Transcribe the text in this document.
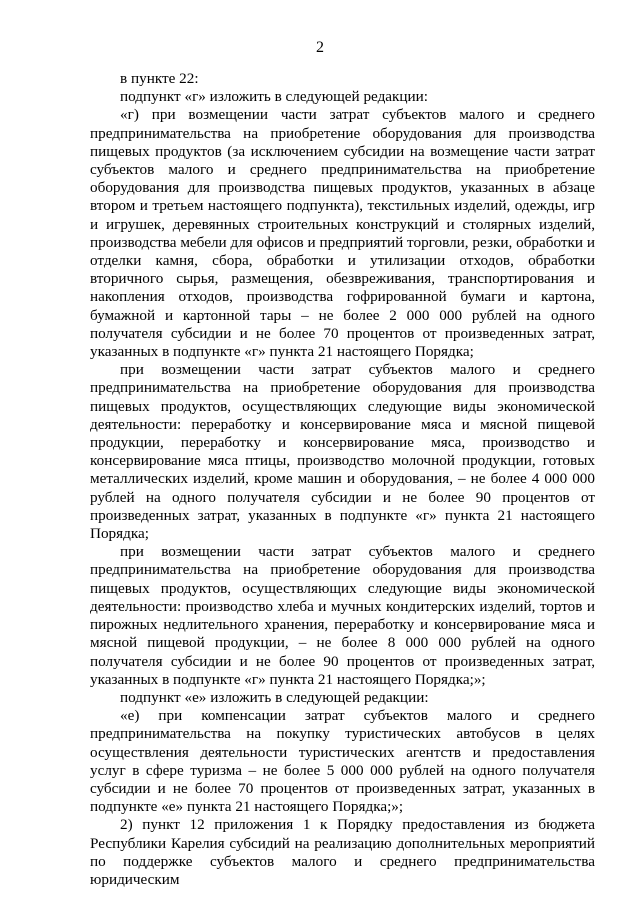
2

в пункте 22:

подпункт «г» изложить в следующей редакции:

«г) при возмещении части затрат субъектов малого и среднего предпринимательства на приобретение оборудования для производства пищевых продуктов (за исключением субсидии на возмещение части затрат субъектов малого и среднего предпринимательства на приобретение оборудования для производства пищевых продуктов, указанных в абзаце втором и третьем настоящего подпункта), текстильных изделий, одежды, игр и игрушек, деревянных строительных конструкций и столярных изделий, производства мебели для офисов и предприятий торговли, резки, обработки и отделки камня, сбора, обработки и утилизации отходов, обработки вторичного сырья, размещения, обезвреживания, транспортирования и накопления отходов, производства гофрированной бумаги и картона, бумажной и картонной тары – не более 2 000 000 рублей на одного получателя субсидии и не более 70 процентов от произведенных затрат, указанных в подпункте «г» пункта 21 настоящего Порядка;

при возмещении части затрат субъектов малого и среднего предпринимательства на приобретение оборудования для производства пищевых продуктов, осуществляющих следующие виды экономической деятельности: переработку и консервирование мяса и мясной пищевой продукции, переработку и консервирование мяса, производство и консервирование мяса птицы, производство молочной продукции, готовых металлических изделий, кроме машин и оборудования, – не более 4 000 000 рублей на одного получателя субсидии и не более 90 процентов от произведенных затрат, указанных в подпункте «г» пункта 21 настоящего Порядка;

при возмещении части затрат субъектов малого и среднего предпринимательства на приобретение оборудования для производства пищевых продуктов, осуществляющих следующие виды экономической деятельности: производство хлеба и мучных кондитерских изделий, тортов и пирожных недлительного хранения, переработку и консервирование мяса и мясной пищевой продукции, – не более 8 000 000 рублей на одного получателя субсидии и не более 90 процентов от произведенных затрат, указанных в подпункте «г» пункта 21 настоящего Порядка;»;

подпункт «е» изложить в следующей редакции:

«е) при компенсации затрат субъектов малого и среднего предпринимательства на покупку туристических автобусов в целях осуществления деятельности туристических агентств и предоставления услуг в сфере туризма – не более 5 000 000 рублей на одного получателя субсидии и не более 70 процентов от произведенных затрат, указанных в подпункте «е» пункта 21 настоящего Порядка;»;

2) пункт 12 приложения 1 к Порядку предоставления из бюджета Республики Карелия субсидий на реализацию дополнительных мероприятий по поддержке субъектов малого и среднего предпринимательства юридическим
